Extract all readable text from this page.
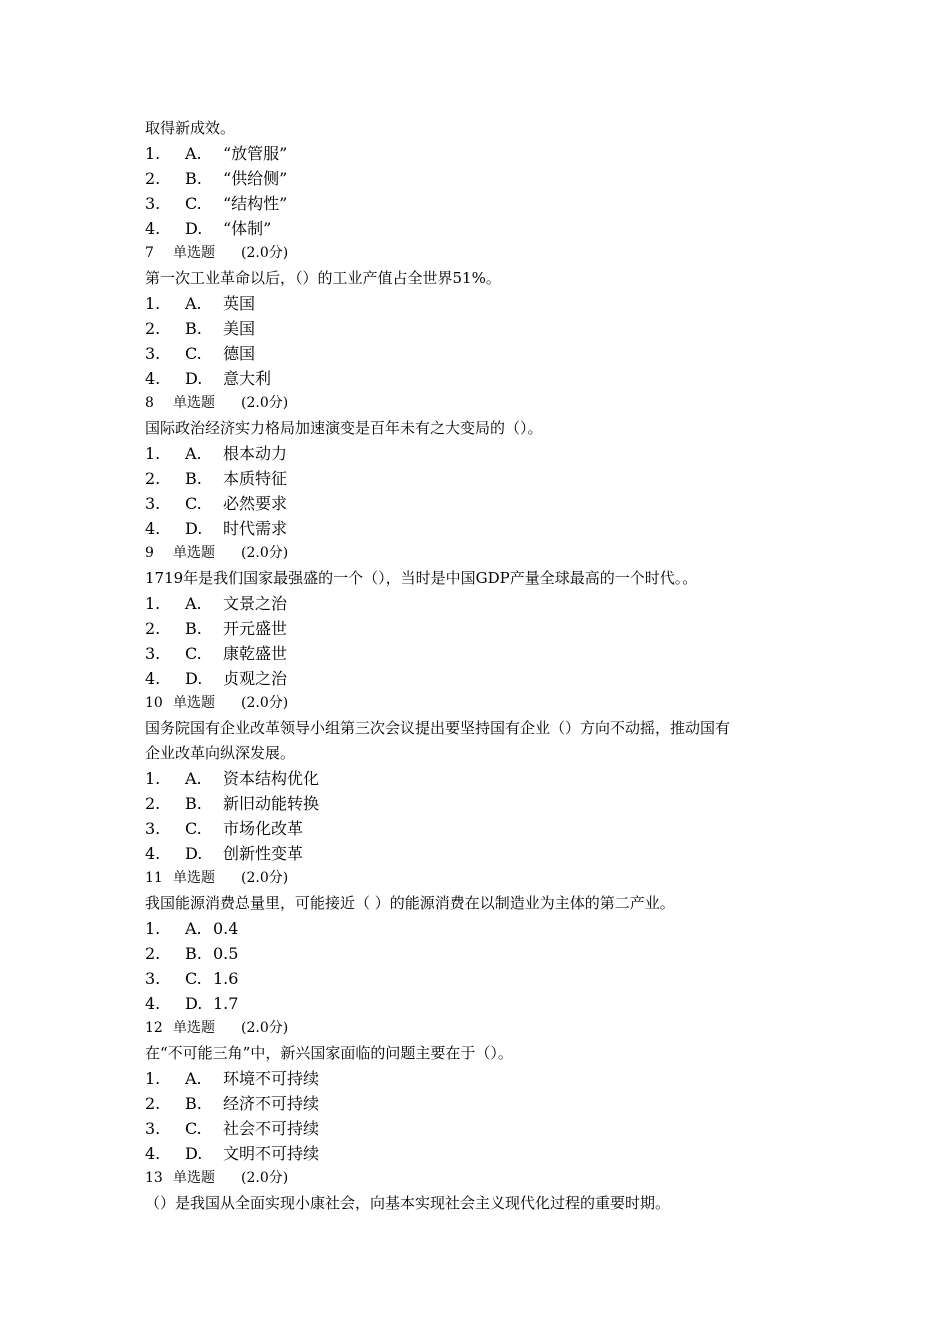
取得新成效。
1. A. “放管服”
2. B. “供给侧”
3. C. “结构性”
4. D. “体制”
7 单选题 (2.0分)
第一次工业革命以后，（）的工业产值占全世界51%。
1. A. 英国
2. B. 美国
3. C. 德国
4. D. 意大利
8 单选题 (2.0分)
国际政治经济实力格局加速演变是百年未有之大变局的（）。
1. A. 根本动力
2. B. 本质特征
3. C. 必然要求
4. D. 时代需求
9 单选题 (2.0分)
1719年是我们国家最强盛的一个（），当时是中国GDP产量全球最高的一个时代。。
1. A. 文景之治
2. B. 开元盛世
3. C. 康乾盛世
4. D. 贞观之治
10 单选题 (2.0分)
国务院国有企业改革领导小组第三次会议提出要坚持国有企业（）方向不动摇，推动国有
企业改革向纵深发展。
1. A. 资本结构优化
2. B. 新旧动能转换
3. C. 市场化改革
4. D. 创新性变革
11 单选题 (2.0分)
我国能源消费总量里，可能接近（ ）的能源消费在以制造业为主体的第二产业。
1. A. 0.4
2. B. 0.5
3. C. 1.6
4. D. 1.7
12 单选题 (2.0分)
在“不可能三角”中，新兴国家面临的问题主要在于（）。
1. A. 环境不可持续
2. B. 经济不可持续
3. C. 社会不可持续
4. D. 文明不可持续
13 单选题 (2.0分)
（）是我国从全面实现小康社会，向基本实现社会主义现代化过程的重要时期。
